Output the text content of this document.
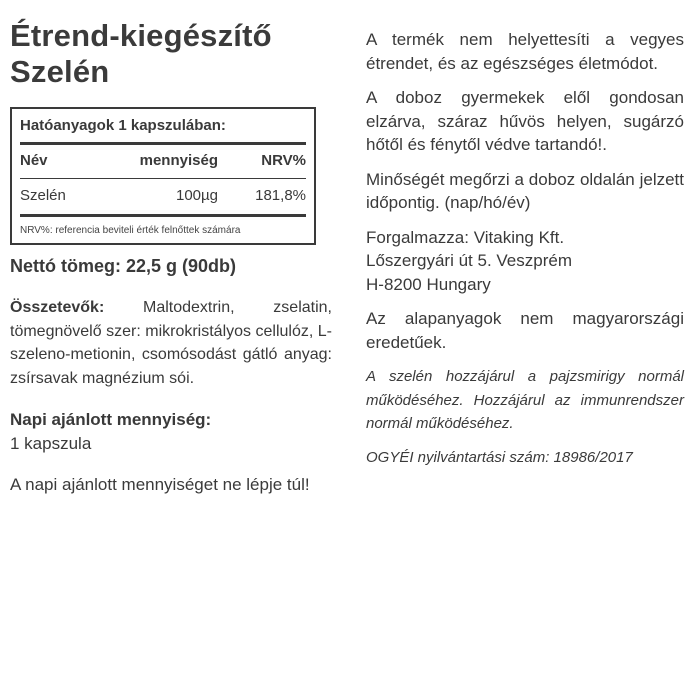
Étrend-kiegészítő
Szelén
Hatóanyagok 1 kapszulában:
Név	mennyiség	NRV%
Szelén	100µg	181,8%
NRV%: referencia beviteli érték felnőttek számára

Nettó tömeg: 22,5 g (90db)

Összetevők: Maltodextrin, zselatin, tömegnövelő szer: mikrokristályos cellulóz, L-szeleno-metionin, csomósodást gátló anyag: zsírsavak magnézium sói.

Napi ajánlott mennyiség:
1 kapszula

A napi ajánlott mennyiséget ne lépje túl!

A termék nem helyettesíti a vegyes étrendet, és az egészséges életmódot.

A doboz gyermekek elől gondosan elzárva, száraz hűvös helyen, sugárzó hőtől és fénytől védve tartandó!.

Minőségét megőrzi a doboz oldalán jelzett időpontig. (nap/hó/év)

Forgalmazza: Vitaking Kft.
Lőszergyári út 5. Veszprém
H-8200 Hungary

Az alapanyagok nem magyarországi eredetűek.

A szelén hozzájárul a pajzsmirigy normál működéséhez. Hozzájárul az immunrendszer normál működéséhez.

OGYÉI nyilvántartási szám: 18986/2017
